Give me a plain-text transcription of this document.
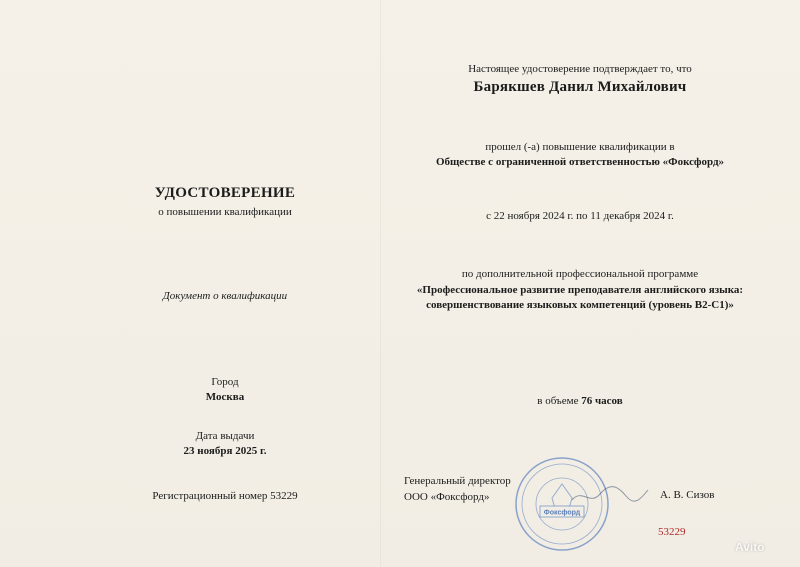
УДОСТОВЕРЕНИЕ
о повышении квалификации
Документ о квалификации
Город
Москва
Дата выдачи
23 ноября 2025 г.
Регистрационный номер 53229
Настоящее удостоверение подтверждает то, что
Барякшев Данил Михайлович
прошел (-а) повышение квалификации в
Обществе с ограниченной ответственностью «Фоксфорд»
с 22 ноября 2024 г. по 11 декабря 2024 г.
по дополнительной профессиональной программе
«Профессиональное развитие преподавателя английского языка:
совершенствование языковых компетенций (уровень В2-С1)»
в объеме 76 часов
Генеральный директор
ООО «Фоксфорд»
Фоксфорд
А. В. Сизов
53229
Avito
